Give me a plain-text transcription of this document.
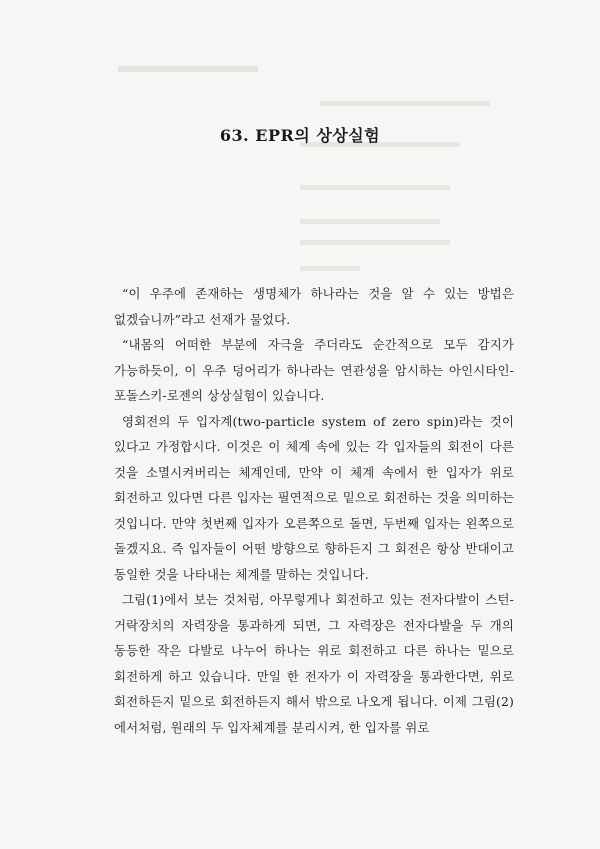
63. EPR의 상상실험

“이 우주에 존재하는 생명체가 하나라는 것을 알 수 있는 방법은 없겠습니까”라고 선재가 물었다.

“내몸의 어떠한 부분에 자극을 주더라도 순간적으로 모두 감지가 가능하듯이, 이 우주 덩어리가 하나라는 연관성을 암시하는 아인시타인-포돌스키-로젠의 상상실험이 있습니다.

영회전의 두 입자계(two-particle system of zero spin)라는 것이 있다고 가정합시다. 이것은 이 체계 속에 있는 각 입자들의 회전이 다른 것을 소멸시켜버리는 체계인데, 만약 이 체계 속에서 한 입자가 위로 회전하고 있다면 다른 입자는 필연적으로 밑으로 회전하는 것을 의미하는 것입니다. 만약 첫번째 입자가 오른쪽으로 돌면, 두번째 입자는 왼쪽으로 돌겠지요. 즉 입자들이 어떤 방향으로 향하든지 그 회전은 항상 반대이고 동일한 것을 나타내는 체계를 말하는 것입니다.

그림(1)에서 보는 것처럼, 아무렇게나 회전하고 있는 전자다발이 스턴-거락장치의 자력장을 통과하게 되면, 그 자력장은 전자다발을 두 개의 동등한 작은 다발로 나누어 하나는 위로 회전하고 다른 하나는 밑으로 회전하게 하고 있습니다. 만일 한 전자가 이 자력장을 통과한다면, 위로 회전하든지 밑으로 회전하든지 해서 밖으로 나오게 됩니다. 이제 그림(2)에서처럼, 원래의 두 입자체계를 분리시켜, 한 입자를 위로
